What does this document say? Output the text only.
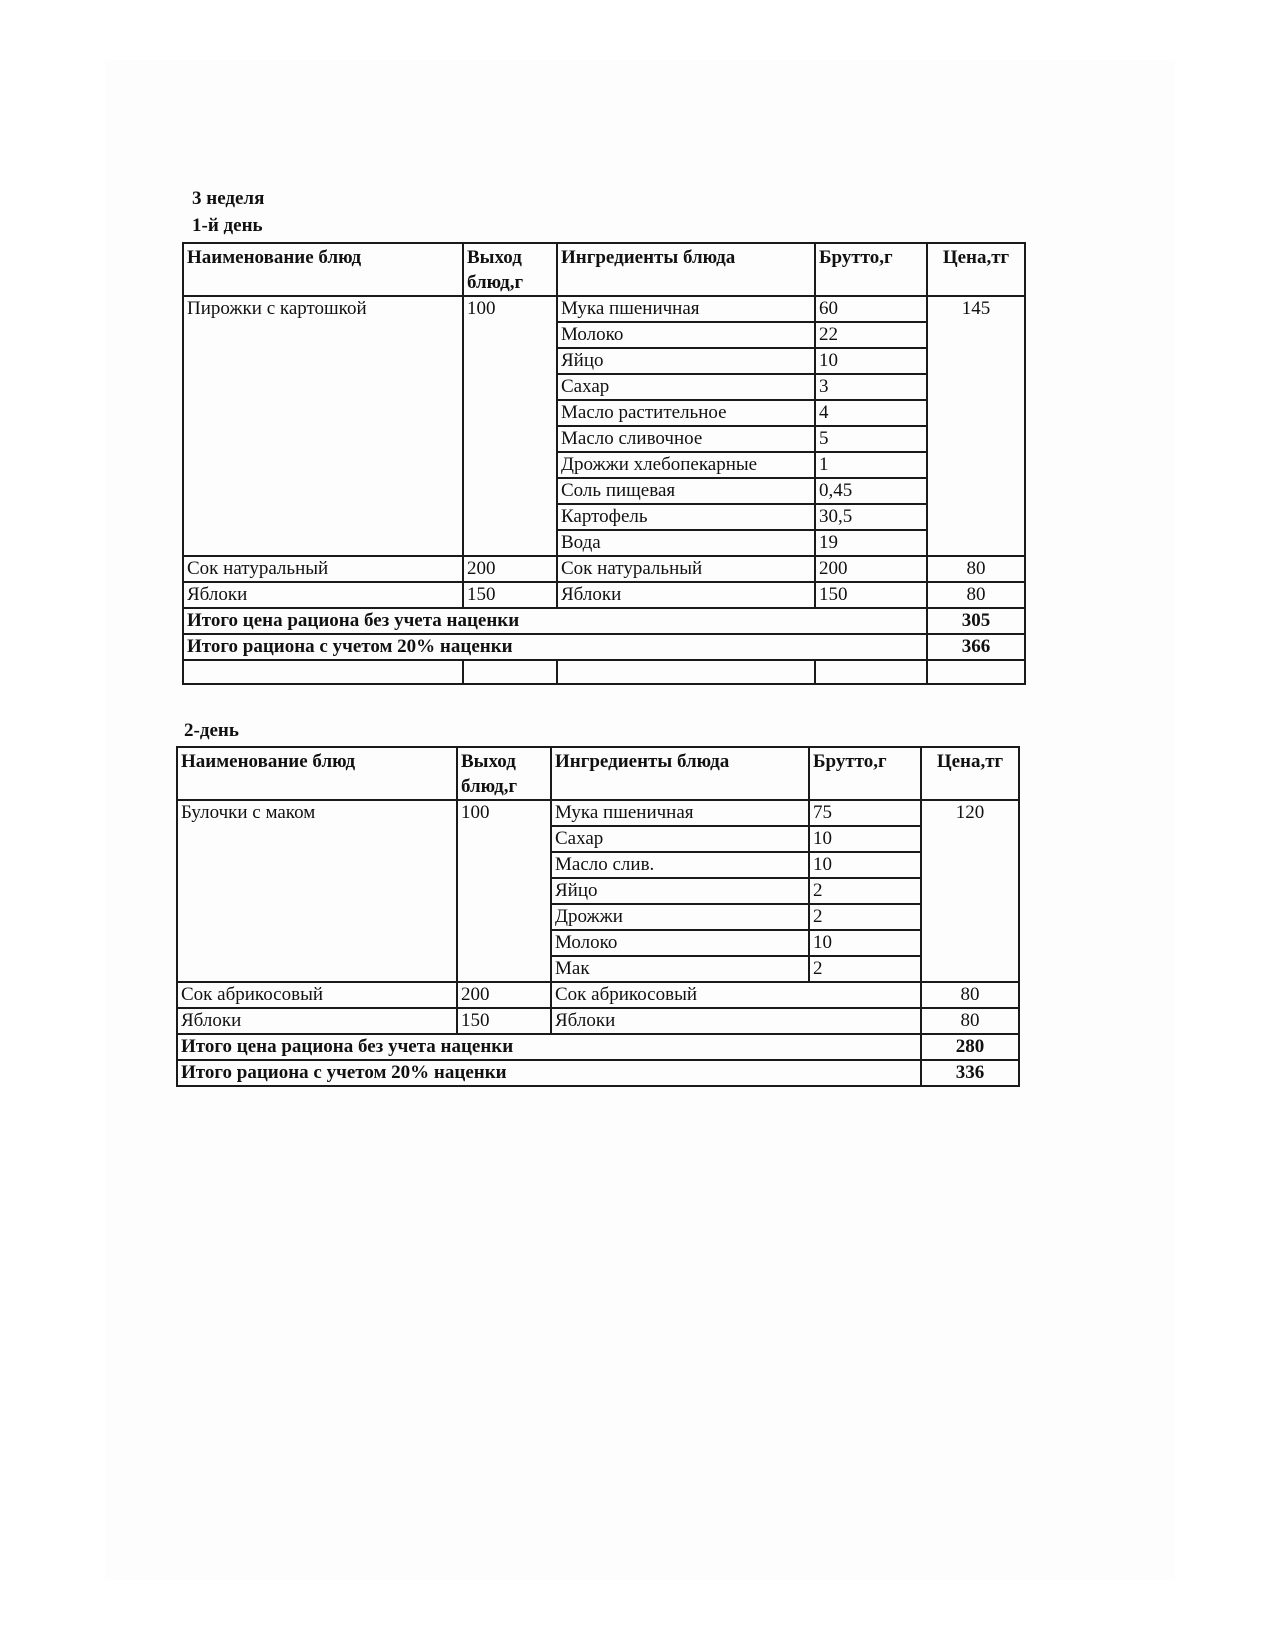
3 неделя
1-й день
Наименование блюд	Выход блюд,г	Ингредиенты блюда	Брутто,г	Цена,тг
Пирожки с картошкой	100	Мука пшеничная	60	145
		Молоко	22	
		Яйцо	10	
		Сахар	3	
		Масло растительное	4	
		Масло сливочное	5	
		Дрожжи хлебопекарные	1	
		Соль пищевая	0,45	
		Картофель	30,5	
		Вода	19	
Сок натуральный	200	Сок натуральный	200	80
Яблоки	150	Яблоки	150	80
Итого цена рациона без учета наценки				305
Итого рациона с учетом 20% наценки				366

2-день
Наименование блюд	Выход блюд,г	Ингредиенты блюда	Брутто,г	Цена,тг
Булочки с маком	100	Мука пшеничная	75	120
		Сахар	10	
		Масло слив.	10	
		Яйцо	2	
		Дрожжи	2	
		Молоко	10	
		Мак	2	
Сок абрикосовый	200	Сок абрикосовый		80
Яблоки	150	Яблоки		80
Итого цена рациона без учета наценки				280
Итого рациона с учетом 20% наценки				336
